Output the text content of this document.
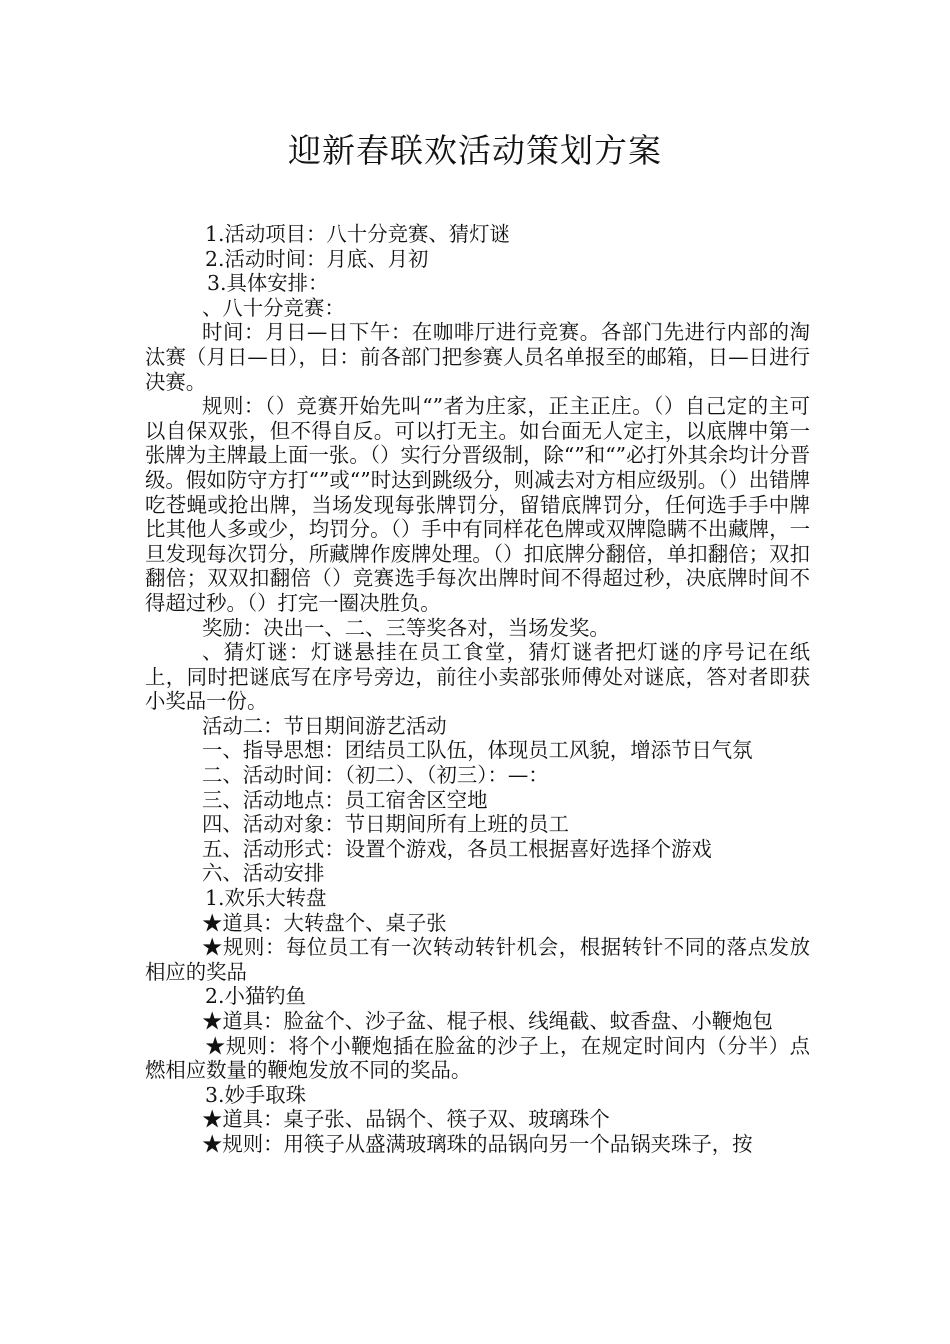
迎新春联欢活动策划方案

1.活动项目：八十分竞赛、猜灯谜

2.活动时间：月底、月初

3.具体安排：

、八十分竞赛：

时间：月日—日下午：在咖啡厅进行竞赛。各部门先进行内部的淘汰赛（月日—日），日：前各部门把参赛人员名单报至的邮箱，日—日进行决赛。

规则：（）竞赛开始先叫“”者为庄家，正主正庄。（）自己定的主可以自保双张，但不得自反。可以打无主。如台面无人定主，以底牌中第一张牌为主牌最上面一张。（）实行分晋级制，除“”和“”必打外其余均计分晋级。假如防守方打“”或“”时达到跳级分，则减去对方相应级别。（）出错牌吃苍蝇或抢出牌，当场发现每张牌罚分，留错底牌罚分，任何选手手中牌比其他人多或少，均罚分。（）手中有同样花色牌或双牌隐瞒不出藏牌，一旦发现每次罚分，所藏牌作废牌处理。（）扣底牌分翻倍，单扣翻倍；双扣翻倍；双双扣翻倍（）竞赛选手每次出牌时间不得超过秒，决底牌时间不得超过秒。（）打完一圈决胜负。

奖励：决出一、二、三等奖各对，当场发奖。

、猜灯谜：灯谜悬挂在员工食堂，猜灯谜者把灯谜的序号记在纸上，同时把谜底写在序号旁边，前往小卖部张师傅处对谜底，答对者即获小奖品一份。

活动二：节日期间游艺活动

一、指导思想：团结员工队伍，体现员工风貌，增添节日气氛

二、活动时间：（初二）、（初三）：—：

三、活动地点：员工宿舍区空地

四、活动对象：节日期间所有上班的员工

五、活动形式：设置个游戏，各员工根据喜好选择个游戏

六、活动安排

1.欢乐大转盘

★道具：大转盘个、桌子张

★规则：每位员工有一次转动转针机会，根据转针不同的落点发放相应的奖品

2.小猫钓鱼

★道具：脸盆个、沙子盆、棍子根、线绳截、蚊香盘、小鞭炮包

★规则：将个小鞭炮插在脸盆的沙子上，在规定时间内（分半）点燃相应数量的鞭炮发放不同的奖品。

3.妙手取珠

★道具：桌子张、品锅个、筷子双、玻璃珠个

★规则：用筷子从盛满玻璃珠的品锅向另一个品锅夹珠子，按
